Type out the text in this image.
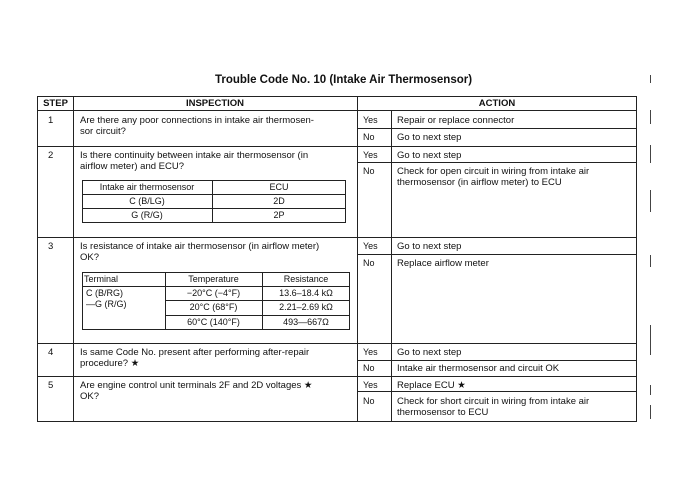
Trouble Code No. 10 (Intake Air Thermosensor)
STEP	INSPECTION	ACTION
1	Are there any poor connections in intake air thermosen-
sor circuit?
Yes Repair or replace connector
No Go to next step
2	Is there continuity between intake air thermosensor (in
airflow meter) and ECU?
Intake air thermosensor	ECU
C (B/LG)	2D
G (R/G)	2P
Yes Go to next step
No Check for open circuit in wiring from intake air
thermosensor (in airflow meter) to ECU
3	Is resistance of intake air thermosensor (in airflow meter)
OK?
Terminal	Temperature	Resistance
C (B/RG)
—G (R/G)
−20°C (−4°F)	13.6–18.4 kΩ
20°C (68°F)	2.21–2.69 kΩ
60°C (140°F)	493—667Ω
Yes Go to next step
No Replace airflow meter
4	Is same Code No. present after performing after-repair
procedure? ★
Yes Go to next step
No Intake air thermosensor and circuit OK
5	Are engine control unit terminals 2F and 2D voltages ★
OK?
Yes Replace ECU ★
No Check for short circuit in wiring from intake air
thermosensor to ECU
